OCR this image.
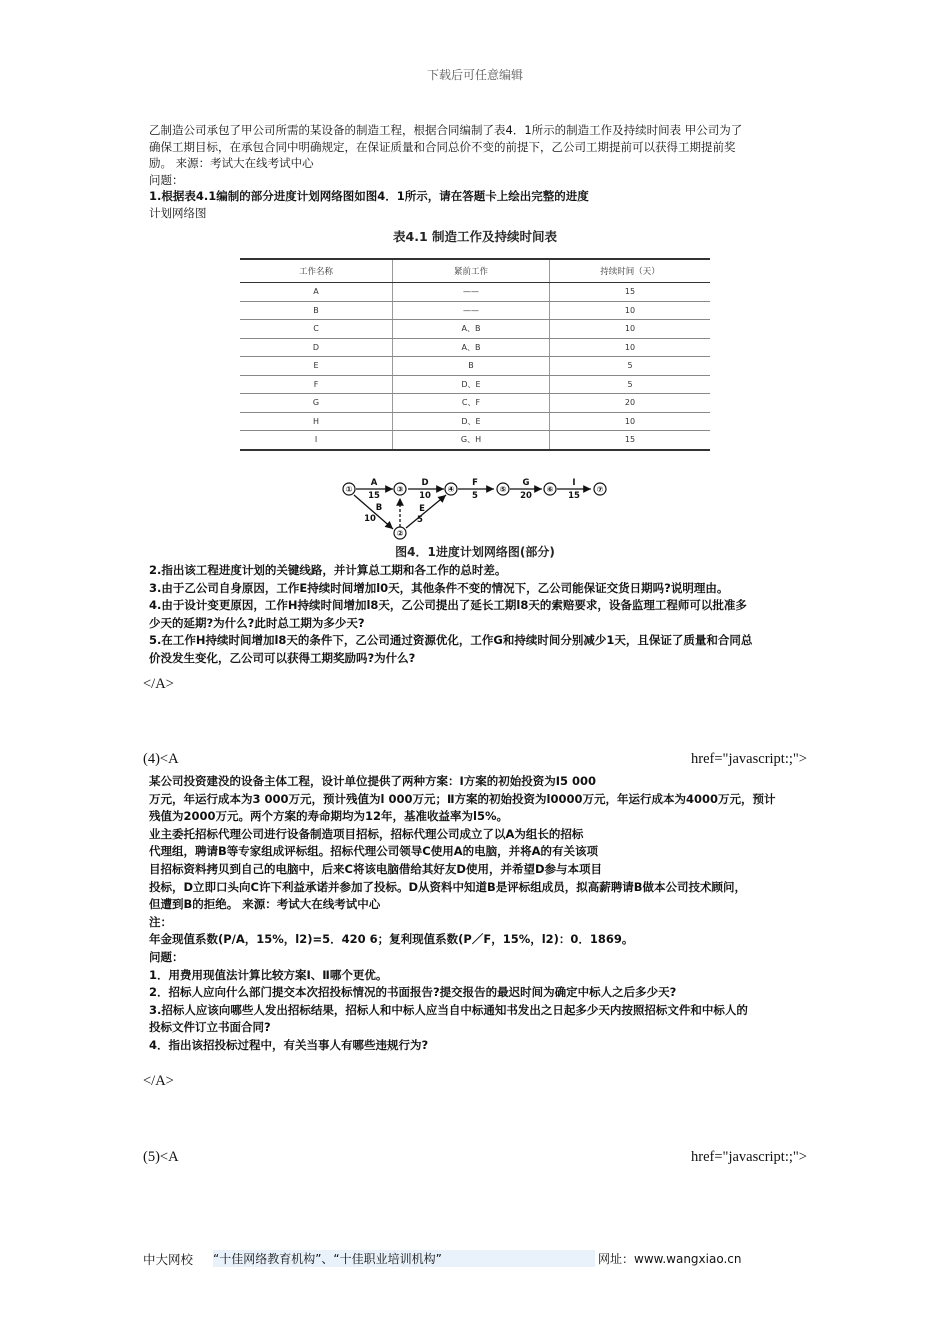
下载后可任意编辑
乙制造公司承包了甲公司所需的某设备的制造工程，根据合同编制了表4．1所示的制造工作及持续时间表 甲公司为了
确保工期目标，在承包合同中明确规定，在保证质量和合同总价不变的前提下，乙公司工期提前可以获得工期提前奖
励。 来源：考试大在线考试中心
问题：
1.根据表4.1编制的部分进度计划网络图如图4．1所示，请在答题卡上绘出完整的进度
计划网络图
表4.1 制造工作及持续时间表
工作名称	紧前工作	持续时间（天）
A	——	15
B	——	10
C	A、B	10
D	A、B	10
E	B	5
F	D、E	5
G	C、F	20
H	D、E	10
I	G、H	15
①	③	④	⑤	⑥	⑦
②
A
15
D
10
F
5
G
20
I
15
B
10
E
5
图4．1进度计划网络图(部分)
2.指出该工程进度计划的关键线路，并计算总工期和各工作的总时差。
3.由于乙公司自身原因，工作E持续时间增加l0天，其他条件不变的情况下，乙公司能保证交货日期吗?说明理由。
4.由于设计变更原因，工作H持续时间增加l8天，乙公司提出了延长工期l8天的索赔要求，设备监理工程师可以批准多
少天的延期?为什么?此时总工期为多少天?
5.在工作H持续时间增加l8天的条件下，乙公司通过资源优化，工作G和持续时间分别减少1天，且保证了质量和合同总
价没发生变化，乙公司可以获得工期奖励吗?为什么?
</A>
(4)<A	href="javascript:;">
某公司投资建没的设备主体工程，设计单位提供了两种方案：I方案的初始投资为I5 000
万元，年运行成本为3 000万元，预计残值为l 000万元；Ⅱ方案的初始投资为l0000万元，年运行成本为4000万元，预计
残值为2000万元。两个方案的寿命期均为12年，基准收益率为l5%。
业主委托招标代理公司进行设备制造项目招标，招标代理公司成立了以A为组长的招标
代理组，聘请B等专家组成评标组。招标代理公司领导C使用A的电脑，并将A的有关该项
目招标资料拷贝到自己的电脑中，后来C将该电脑借给其好友D使用，并希望D参与本项目
投标，D立即口头向C许下利益承诺并参加了投标。D从资料中知道B是评标组成员，拟高薪聘请B做本公司技术顾问，
但遭到B的拒绝。 来源：考试大在线考试中心
注：
年金现值系数(P/A，15%，l2)=5．420 6；复利现值系数(P／F，15%，l2)：0．1869。
问题：
1．用费用现值法计算比较方案I、Ⅱ哪个更优。
2．招标人应向什么部门提交本次招投标情况的书面报告?提交报告的最迟时间为确定中标人之后多少天?
3.招标人应该向哪些人发出招标结果，招标人和中标人应当自中标通知书发出之日起多少天内按照招标文件和中标人的
投标文件订立书面合同?
4．指出该招投标过程中，有关当事人有哪些违规行为?
</A>
(5)<A	href="javascript:;">
中大网校 “十佳网络教育机构”、“十佳职业培训机构”	网址：www.wangxiao.cn
